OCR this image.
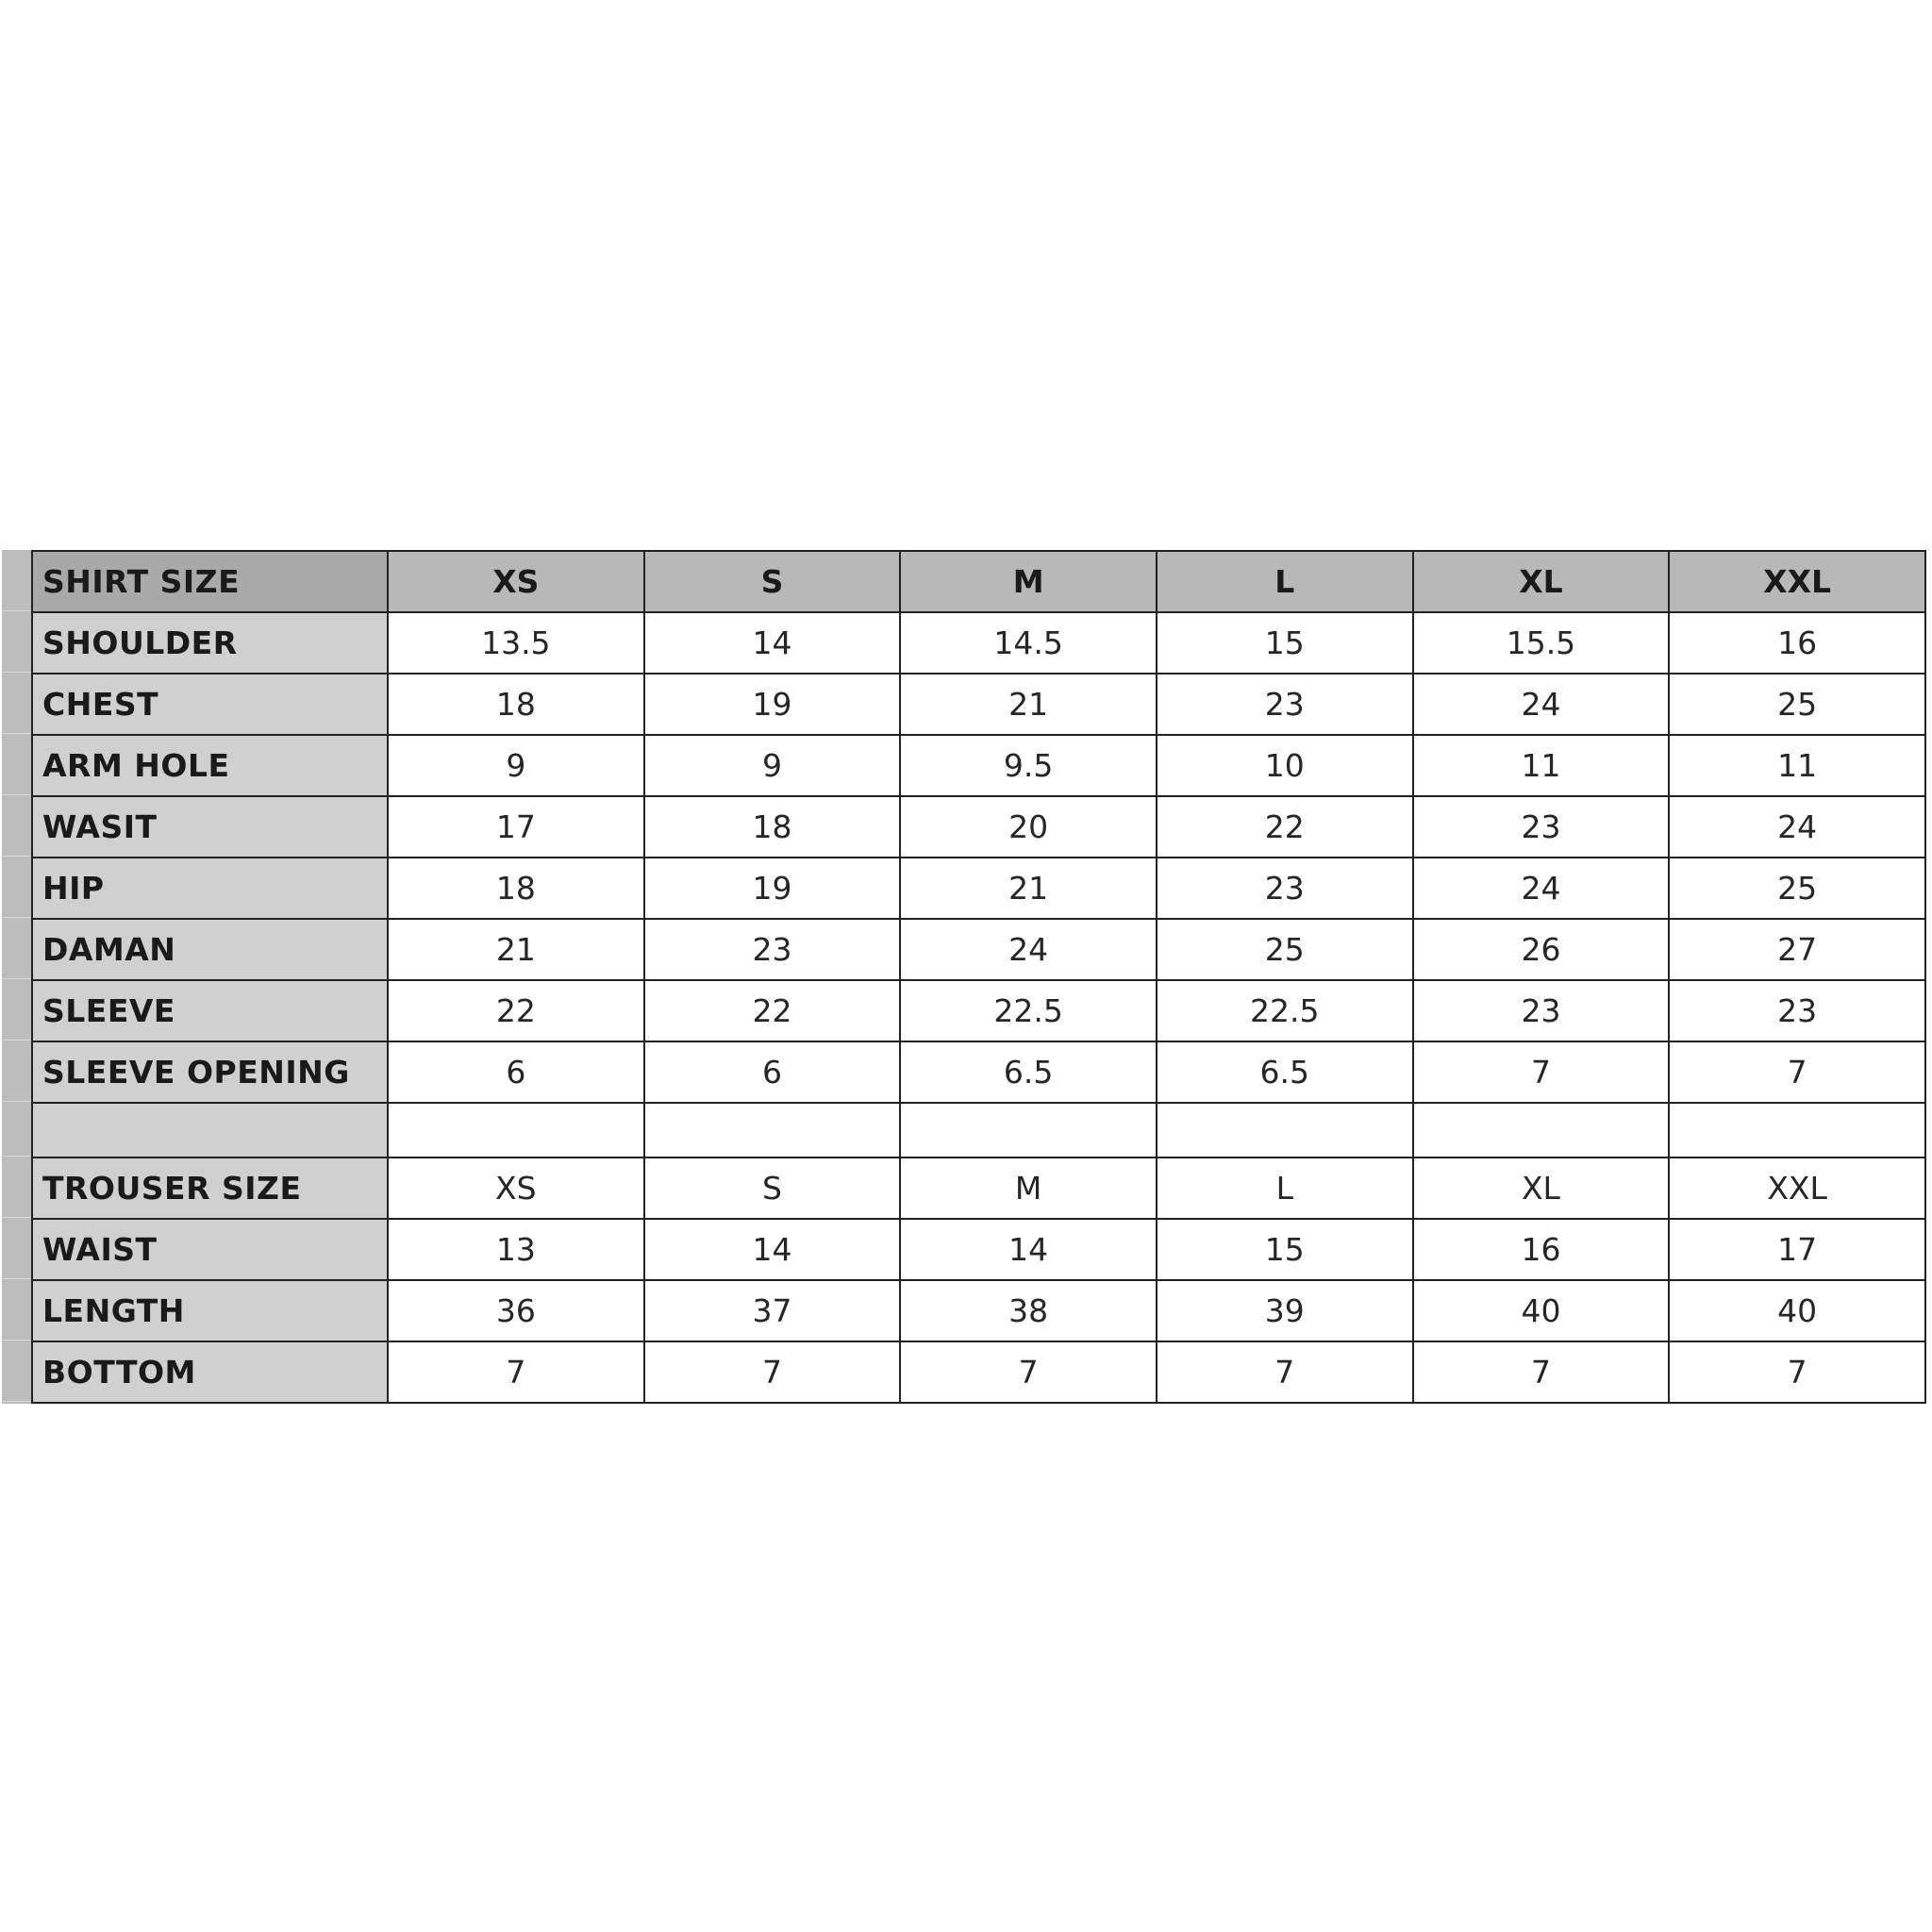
SHIRT SIZE	XS	S	M	L	XL	XXL
SHOULDER	13.5	14	14.5	15	15.5	16
CHEST	18	19	21	23	24	25
ARM HOLE	9	9	9.5	10	11	11
WASIT	17	18	20	22	23	24
HIP	18	19	21	23	24	25
DAMAN	21	23	24	25	26	27
SLEEVE	22	22	22.5	22.5	23	23
SLEEVE OPENING	6	6	6.5	6.5	7	7

TROUSER SIZE	XS	S	M	L	XL	XXL
WAIST	13	14	14	15	16	17
LENGTH	36	37	38	39	40	40
BOTTOM	7	7	7	7	7	7
